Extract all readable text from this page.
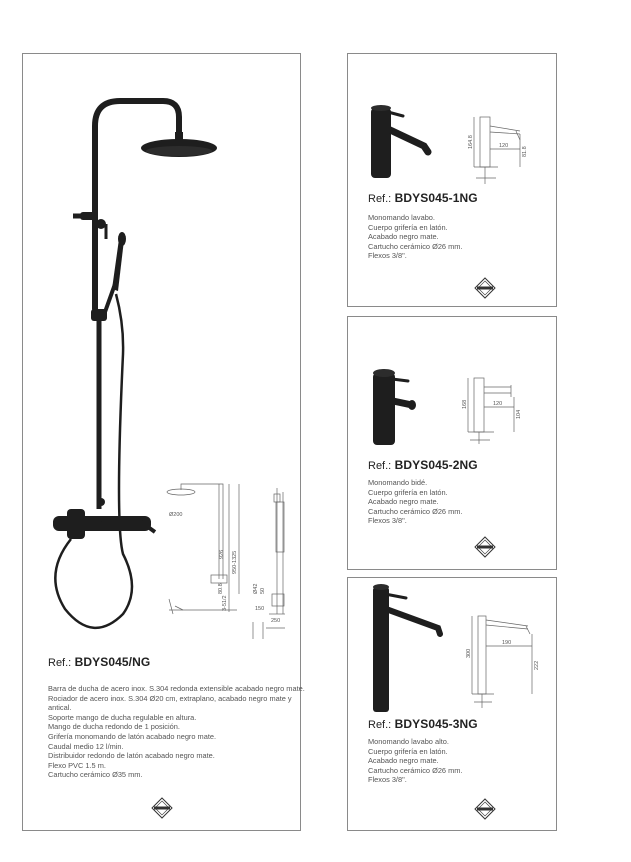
Ø200
926 950-1325
80.8
3-51/2
50
Ø42
150
250
Ref.: BDYS045/NG
Barra de ducha de acero inox. S.304 redonda extensible acabado negro mate.
Rociador de acero inox. S.304 Ø20 cm, extraplano, acabado negro mate y
antical.
Soporte mango de ducha regulable en altura.
Mango de ducha redondo de 1 posición.
Grifería monomando de latón acabado negro mate.
Caudal medio 12 l/min.
Distribuidor redondo de latón acabado negro mate.
Flexo PVC 1.5 m.
Cartucho cerámico Ø35 mm.
164.8	120
81.8
Ref.: BDYS045-1NG
Monomando lavabo.
Cuerpo grifería en latón.
Acabado negro mate.
Cartucho cerámico Ø26 mm.
Flexos 3/8".
168	120
104
Ref.: BDYS045-2NG
Monomando bidé.
Cuerpo grifería en latón.
Acabado negro mate.
Cartucho cerámico Ø26 mm.
Flexos 3/8".
300
190
222
Ref.: BDYS045-3NG
Monomando lavabo alto.
Cuerpo grifería en latón.
Acabado negro mate.
Cartucho cerámico Ø26 mm.
Flexos 3/8".
